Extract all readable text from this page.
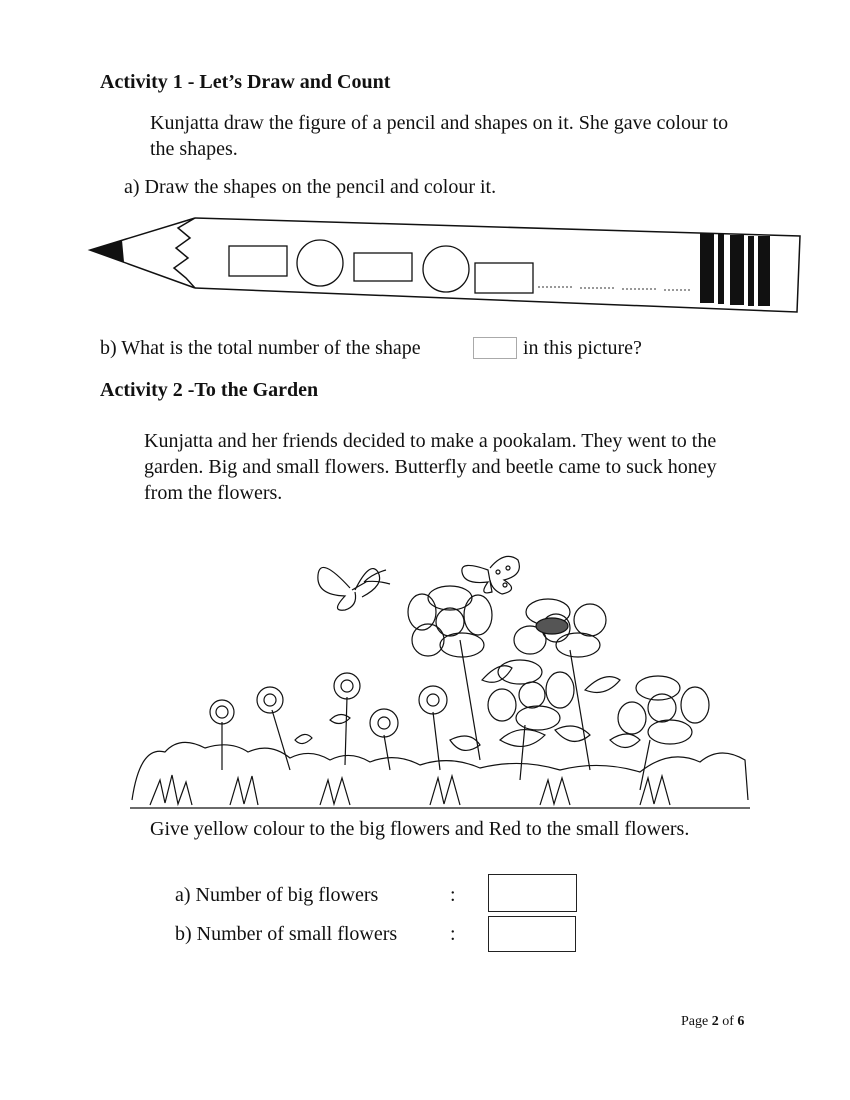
Activity 1 - Let’s Draw and Count
Kunjatta draw the figure of a pencil and shapes on it. She gave colour to the shapes.
a) Draw the shapes on the pencil and colour it.
b) What is the total number of the shape	in this picture?
Activity 2 -To the Garden
Kunjatta and her friends decided to make a pookalam. They went to the garden. Big and small flowers. Butterfly and beetle came to suck honey from the flowers.
Give yellow colour to the big flowers and Red to the small flowers.
a) Number of big flowers	:
b) Number of small flowers	:
Page 2 of 6
